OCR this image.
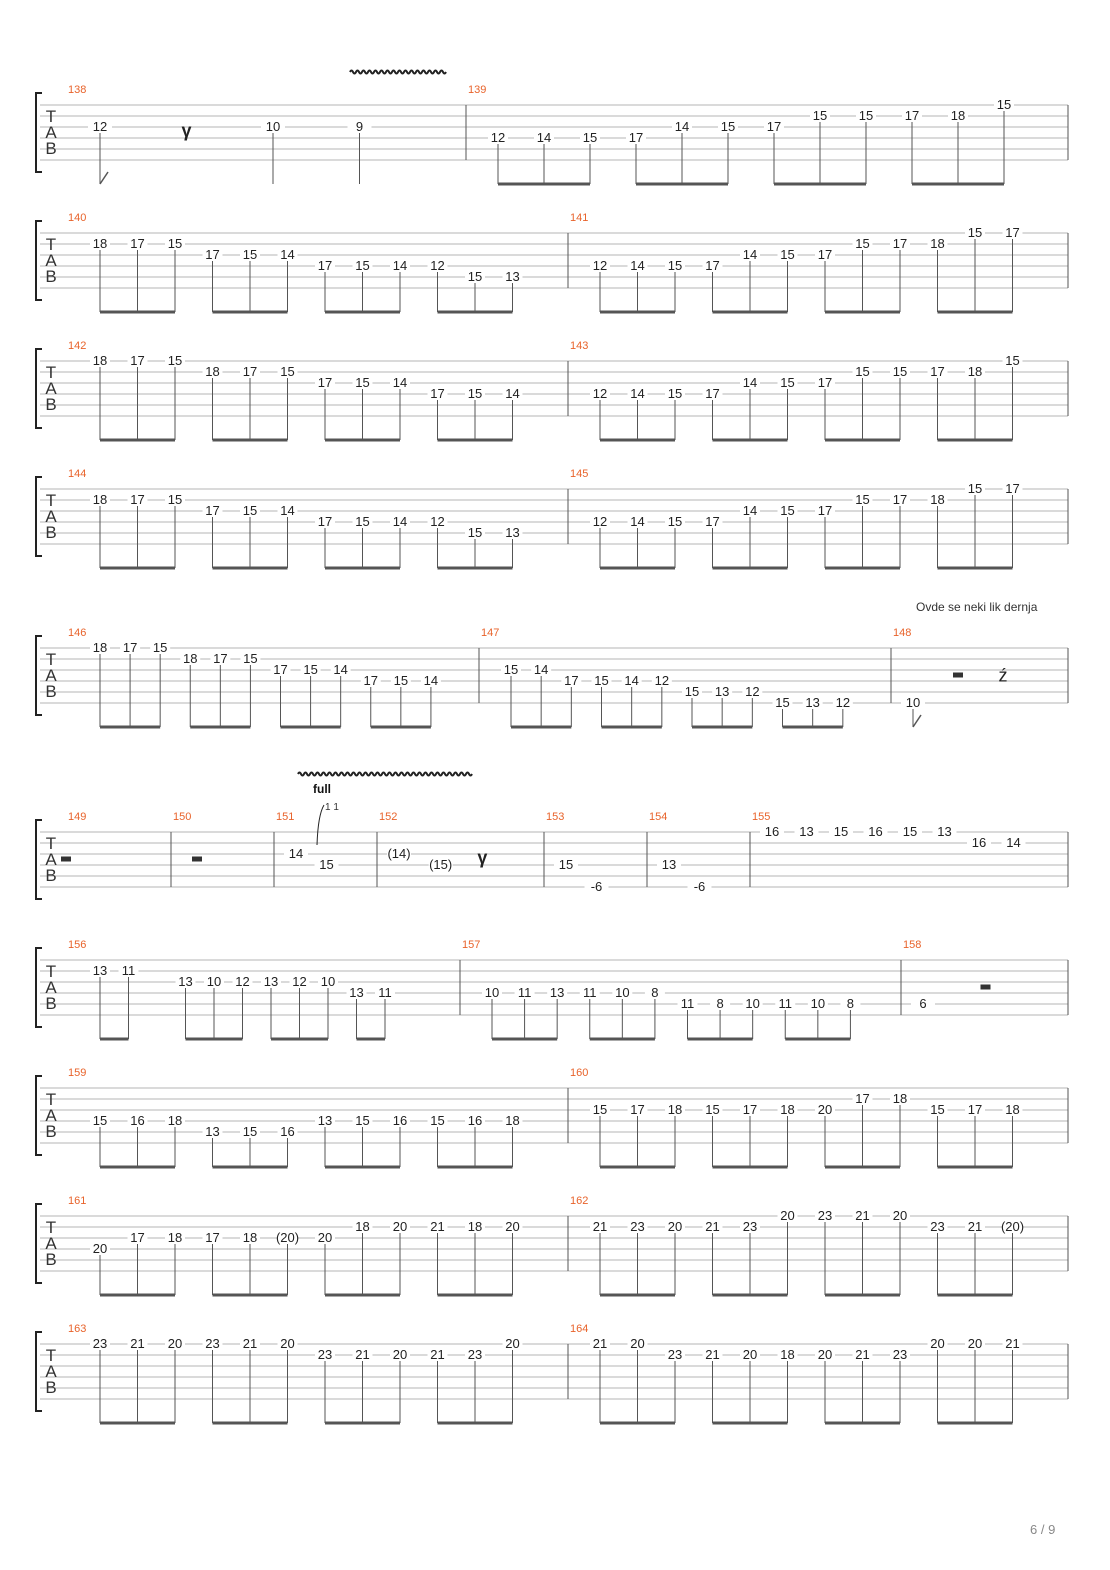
Ovde se neki lik dernja
T
A
B
138
12	γ	10	9
139
12 14 15 17
14 15 17
15 15 17 18
15
T
A
B
140
18 17 15
17 15 14
17 15 14 12
15 13
141
12 14 15 17
14 15 17
15 17 18
15 17
T
A
B
142
18 17 15
18 17 15
17 15 14
17 15 14
143
12 14 15 17
14 15 17
15 15 17 18
15
T
A
B
144
18 17 15
17 15 14
17 15 14 12
15 13
145
12 14 15 17
14 15 17
15 17 18
15 17
T
A
B
146
18 17 15
18 17 15
17 15 14
17 15 14
147
15 14
17 15 14 12
15 13 12
15 13 12
148
10
ź
T
A
B
149	150	151
14
15
152
(14)
(15) γ
153
15
-6
154
13
-6
155
16 13 15 16 15 13
16 14
T
A
B
156
13 11
13 10 12 13 12 10
13 11
157
10 11 13 11 10 8
11 8 10 11 10 8
158
6
T
A
B
159
15 16 18
13 15 16
13 15 16 15 16 18
160
15 17 18 15 17 18 20
17 18
15 17 18
T
A
B
161
20
17 18 17 18 (20) 20
18 20 21 18 20
162
21 23 20 21 23
20 23 21 20
23 21 (20)
T
A
B
163
23 21 20 23 21 20
23 21 20 21 23
20
164
21 20
23 21 20 18 20 21 23
20 20 21
full
1 1
6 / 9
